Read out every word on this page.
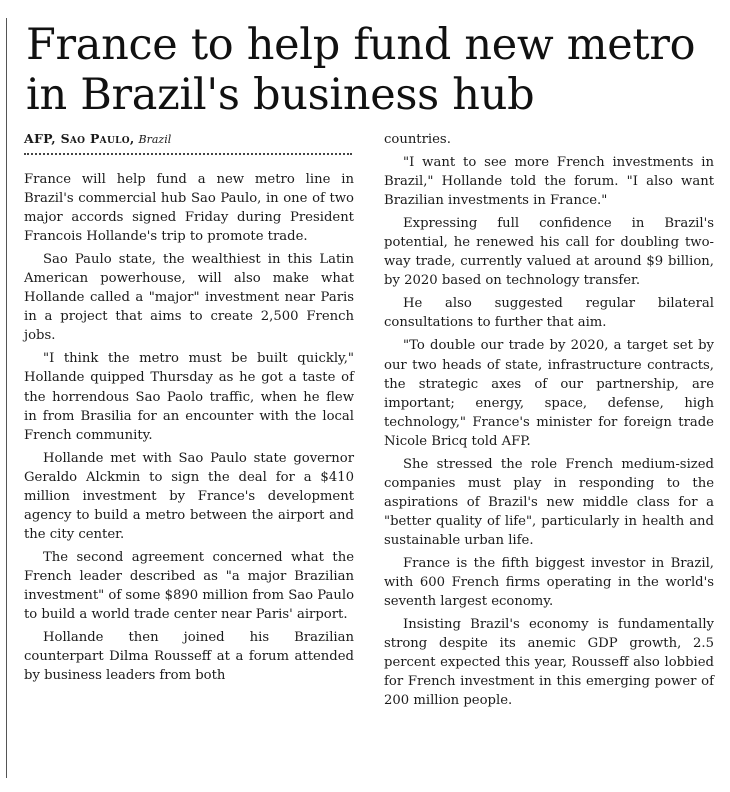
France to help fund new metro
in Brazil's business hub
AFP, Sao Paulo, Brazil

France will help fund a new metro line in Brazil's commercial hub Sao Paulo, in one of two major accords signed Friday during President Francois Hollande's trip to promote trade.

Sao Paulo state, the wealthiest in this Latin American powerhouse, will also make what Hollande called a "major" investment near Paris in a project that aims to create 2,500 French jobs.

"I think the metro must be built quickly," Hollande quipped Thursday as he got a taste of the horrendous Sao Paolo traffic, when he flew in from Brasilia for an encounter with the local French community.

Hollande met with Sao Paulo state governor Geraldo Alckmin to sign the deal for a $410 million investment by France's development agency to build a metro between the airport and the city center.

The second agreement concerned what the French leader described as "a major Brazilian investment" of some $890 million from Sao Paulo to build a world trade center near Paris' airport.

Hollande then joined his Brazilian counterpart Dilma Rousseff at a forum attended by business leaders from both

countries.

"I want to see more French investments in Brazil," Hollande told the forum. "I also want Brazilian investments in France."

Expressing full confidence in Brazil's potential, he renewed his call for doubling two-way trade, currently valued at around $9 billion, by 2020 based on technology transfer.

He also suggested regular bilateral consultations to further that aim.

"To double our trade by 2020, a target set by our two heads of state, infrastructure contracts, the strategic axes of our partnership, are important; energy, space, defense, high technology," France's minister for foreign trade Nicole Bricq told AFP.

She stressed the role French medium-sized companies must play in responding to the aspirations of Brazil's new middle class for a "better quality of life", particularly in health and sustainable urban life.

France is the fifth biggest investor in Brazil, with 600 French firms operating in the world's seventh largest economy.

Insisting Brazil's economy is fundamentally strong despite its anemic GDP growth, 2.5 percent expected this year, Rousseff also lobbied for French investment in this emerging power of 200 million people.
